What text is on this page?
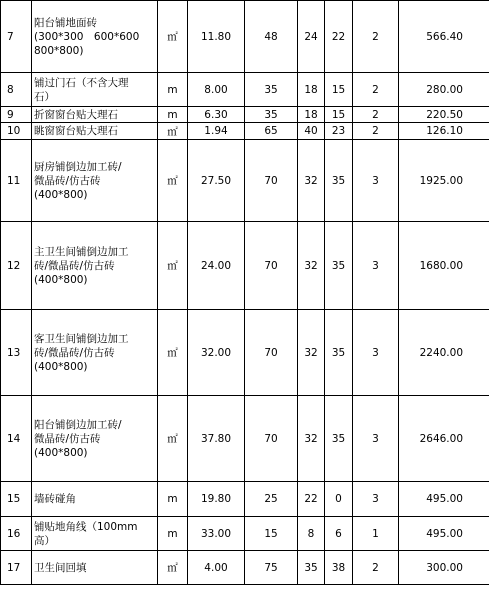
7	阳台铺地面砖
(300*300　600*600
800*800)	㎡	11.80	48	24	22	2	566.40
8	铺过门石（不含大理
石）	m	8.00	35	18	15	2	280.00
9	折窗窗台贴大理石	m	6.30	35	18	15	2	220.50
10	眺窗窗台贴大理石	㎡	1.94	65	40	23	2	126.10
11	厨房铺倒边加工砖/
微晶砖/仿古砖
(400*800)	㎡	27.50	70	32	35	3	1925.00
12	主卫生间铺倒边加工
砖/微晶砖/仿古砖
(400*800)	㎡	24.00	70	32	35	3	1680.00
13	客卫生间铺倒边加工
砖/微晶砖/仿古砖
(400*800)	㎡	32.00	70	32	35	3	2240.00
14	阳台铺倒边加工砖/
微晶砖/仿古砖
(400*800)	㎡	37.80	70	32	35	3	2646.00
15	墙砖碰角	m	19.80	25	22	0	3	495.00
16	铺贴地角线（100mm
高）	m	33.00	15	8	6	1	495.00
17	卫生间回填	㎡	4.00	75	35	38	2	300.00
